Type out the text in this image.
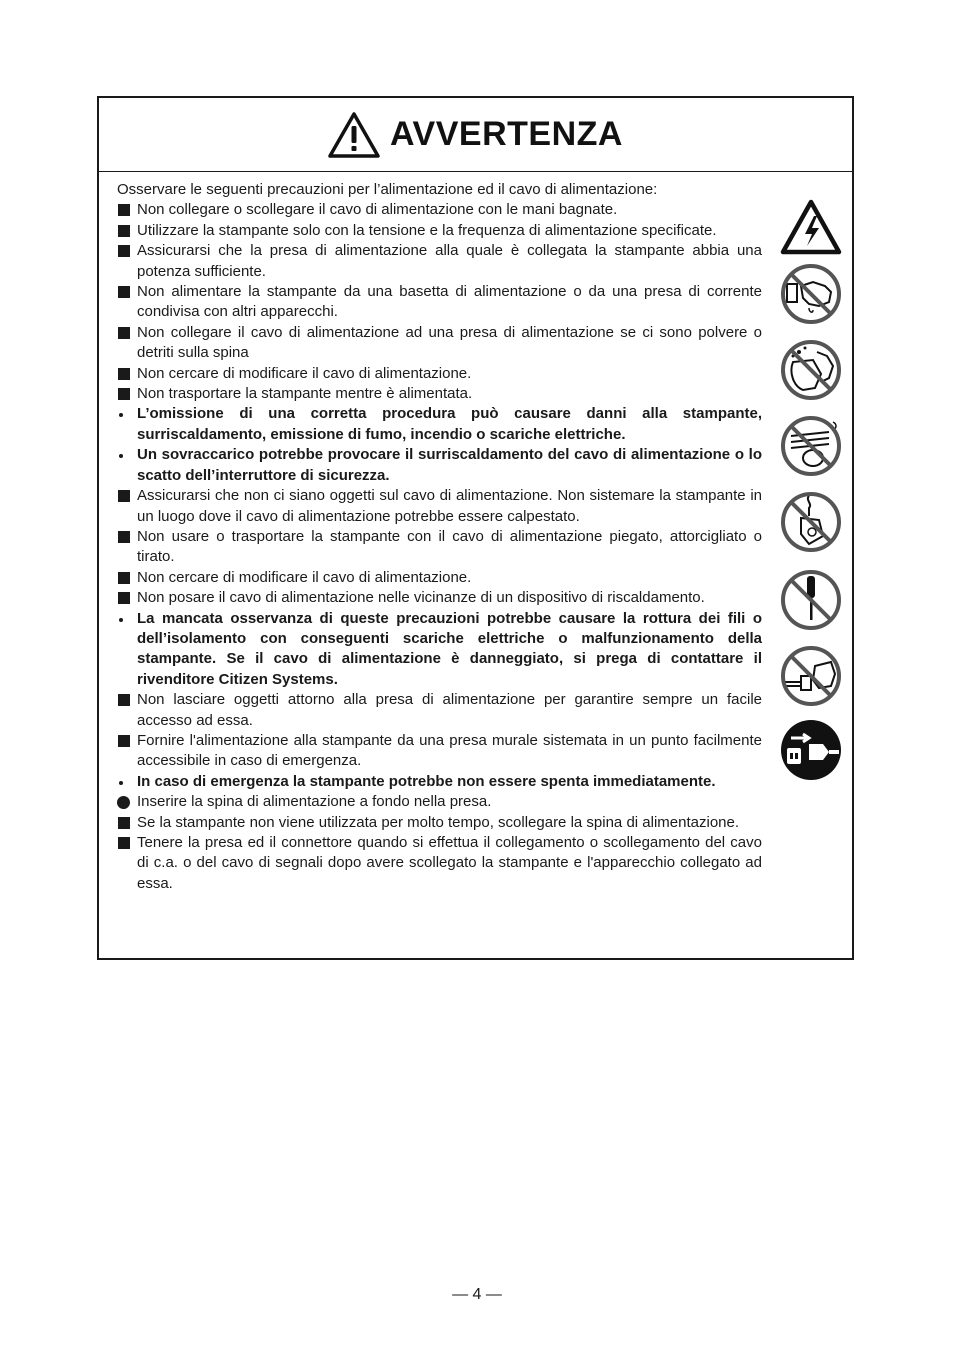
AVVERTENZA
Osservare le seguenti precauzioni per l’alimentazione ed il cavo di alimentazione:
Non collegare o scollegare il cavo di alimentazione con le mani bagnate.
Utilizzare la stampante solo con la tensione e la frequenza di alimentazione specificate.
Assicurarsi che la presa di alimentazione alla quale è collegata la stampante abbia una potenza sufficiente.
Non alimentare la stampante da una basetta di alimentazione o da una presa di corrente condivisa con altri apparecchi.
Non collegare il cavo di alimentazione ad una presa di alimentazione se ci sono polvere o detriti sulla spina
Non cercare di modificare il cavo di alimentazione.
Non trasportare la stampante mentre è alimentata.
L’omissione di una corretta procedura può causare danni alla stampante, surriscaldamento, emissione di fumo, incendio o scariche elettriche.
Un sovraccarico potrebbe provocare il surriscaldamento del cavo di alimentazione o lo scatto dell’interruttore di sicurezza.
Assicurarsi che non ci siano oggetti sul cavo di alimentazione. Non sistemare la stampante in un luogo dove il cavo di alimentazione potrebbe essere calpestato.
Non usare o trasportare la stampante con il cavo di alimentazione piegato, attorcigliato o tirato.
Non cercare di modificare il cavo di alimentazione.
Non posare il cavo di alimentazione nelle vicinanze di un dispositivo di riscaldamento.
La mancata osservanza di queste precauzioni potrebbe causare la rottura dei fili o dell’isolamento con conseguenti scariche elettriche o malfunzionamento della stampante. Se il cavo di alimentazione è danneggiato, si prega di contattare il rivenditore Citizen Systems.
Non lasciare oggetti attorno alla presa di alimentazione per garantire sempre un facile accesso ad essa.
Fornire l'alimentazione alla stampante da una presa murale sistemata in un punto facilmente accessibile in caso di emergenza.
In caso di emergenza la stampante potrebbe non essere spenta immediatamente.
Inserire la spina di alimentazione a fondo nella presa.
Se la stampante non viene utilizzata per molto tempo, scollegare la spina di alimentazione.
Tenere la presa ed il connettore quando si effettua il collegamento o scollegamento del cavo di c.a. o del cavo di segnali dopo avere scollegato la stampante e l'apparecchio collegato ad essa.
— 4 —
